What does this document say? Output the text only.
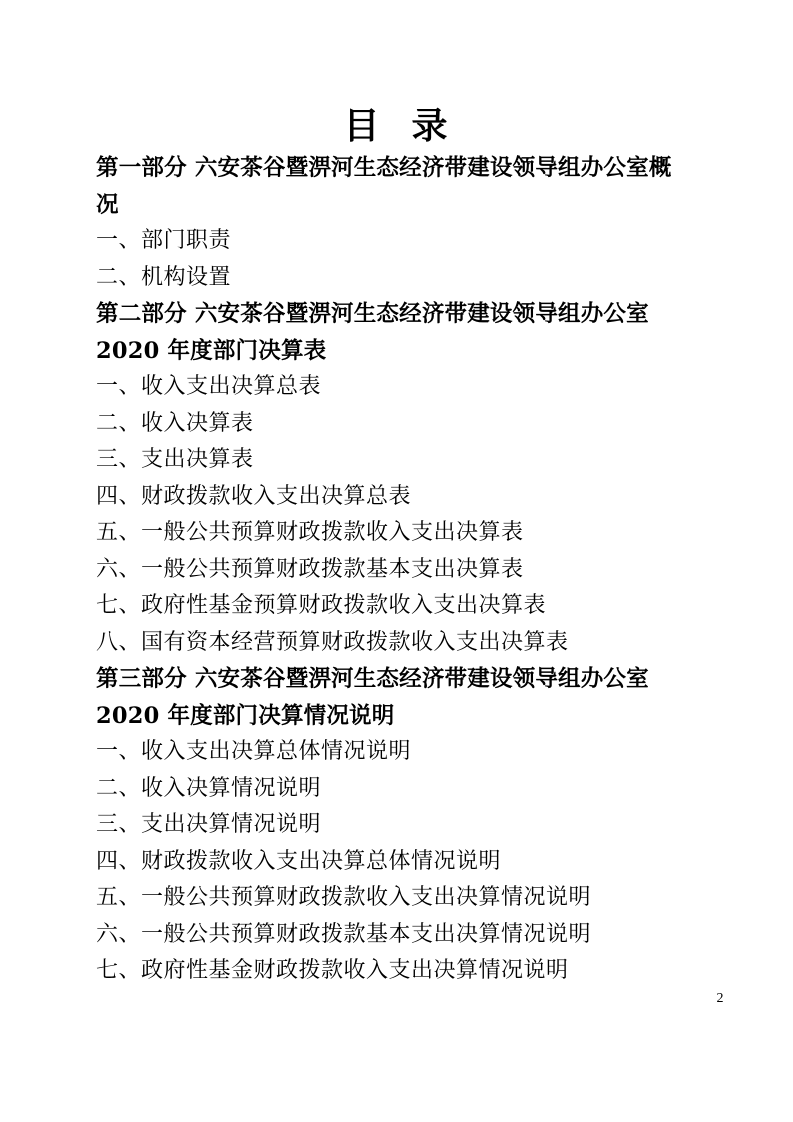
目 录
第一部分 六安茶谷暨淠河生态经济带建设领导组办公室概
况
一、部门职责
二、机构设置
第二部分 六安茶谷暨淠河生态经济带建设领导组办公室
2020 年度部门决算表
一、收入支出决算总表
二、收入决算表
三、支出决算表
四、财政拨款收入支出决算总表
五、一般公共预算财政拨款收入支出决算表
六、一般公共预算财政拨款基本支出决算表
七、政府性基金预算财政拨款收入支出决算表
八、国有资本经营预算财政拨款收入支出决算表
第三部分 六安茶谷暨淠河生态经济带建设领导组办公室
2020 年度部门决算情况说明
一、收入支出决算总体情况说明
二、收入决算情况说明
三、支出决算情况说明
四、财政拨款收入支出决算总体情况说明
五、一般公共预算财政拨款收入支出决算情况说明
六、一般公共预算财政拨款基本支出决算情况说明
七、政府性基金财政拨款收入支出决算情况说明
2
